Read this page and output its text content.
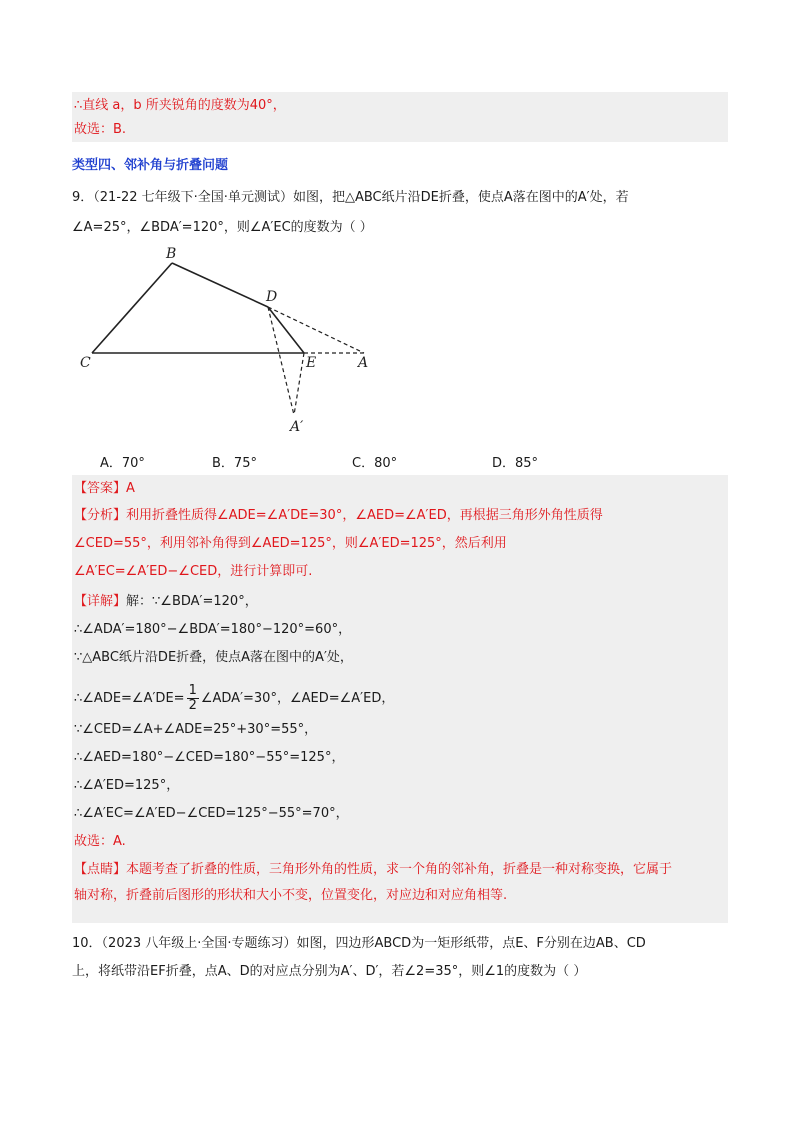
∴直线 a，b 所夹锐角的度数为40°，
故选：B.
类型四、邻补角与折叠问题
9．（21-22 七年级下·全国·单元测试）如图，把△ABC纸片沿DE折叠，使点A落在图中的A′处，若
∠A=25°，∠BDA′=120°，则∠A′EC的度数为（ ）
B
D
C	E	A
A′
A．70°	B．75°	C．80°	D．85°
【答案】A
【分析】利用折叠性质得∠ADE=∠A′DE=30°，∠AED=∠A′ED，再根据三角形外角性质得
∠CED=55°，利用邻补角得到∠AED=125°，则∠A′ED=125°，然后利用
∠A′EC=∠A′ED−∠CED，进行计算即可.
【详解】解：∵∠BDA′=120°，
∴∠ADA′=180°−∠BDA′=180°−120°=60°，
∵△ABC纸片沿DE折叠，使点A落在图中的A′处，
∴∠ADE=∠A′DE= $\frac{1}{2}$ ∠ADA′=30°，∠AED=∠A′ED，
∵∠CED=∠A+∠ADE=25°+30°=55°，
∴∠AED=180°−∠CED=180°−55°=125°，
∴∠A′ED=125°，
∴∠A′EC=∠A′ED−∠CED=125°−55°=70°，
故选：A.
【点睛】本题考查了折叠的性质，三角形外角的性质，求一个角的邻补角，折叠是一种对称变换，它属于
轴对称，折叠前后图形的形状和大小不变，位置变化，对应边和对应角相等.
10．（2023 八年级上·全国·专题练习）如图，四边形ABCD为一矩形纸带，点E、F分别在边AB、CD
上，将纸带沿EF折叠，点A、D的对应点分别为A′、D′，若∠2=35°，则∠1的度数为（ ）
